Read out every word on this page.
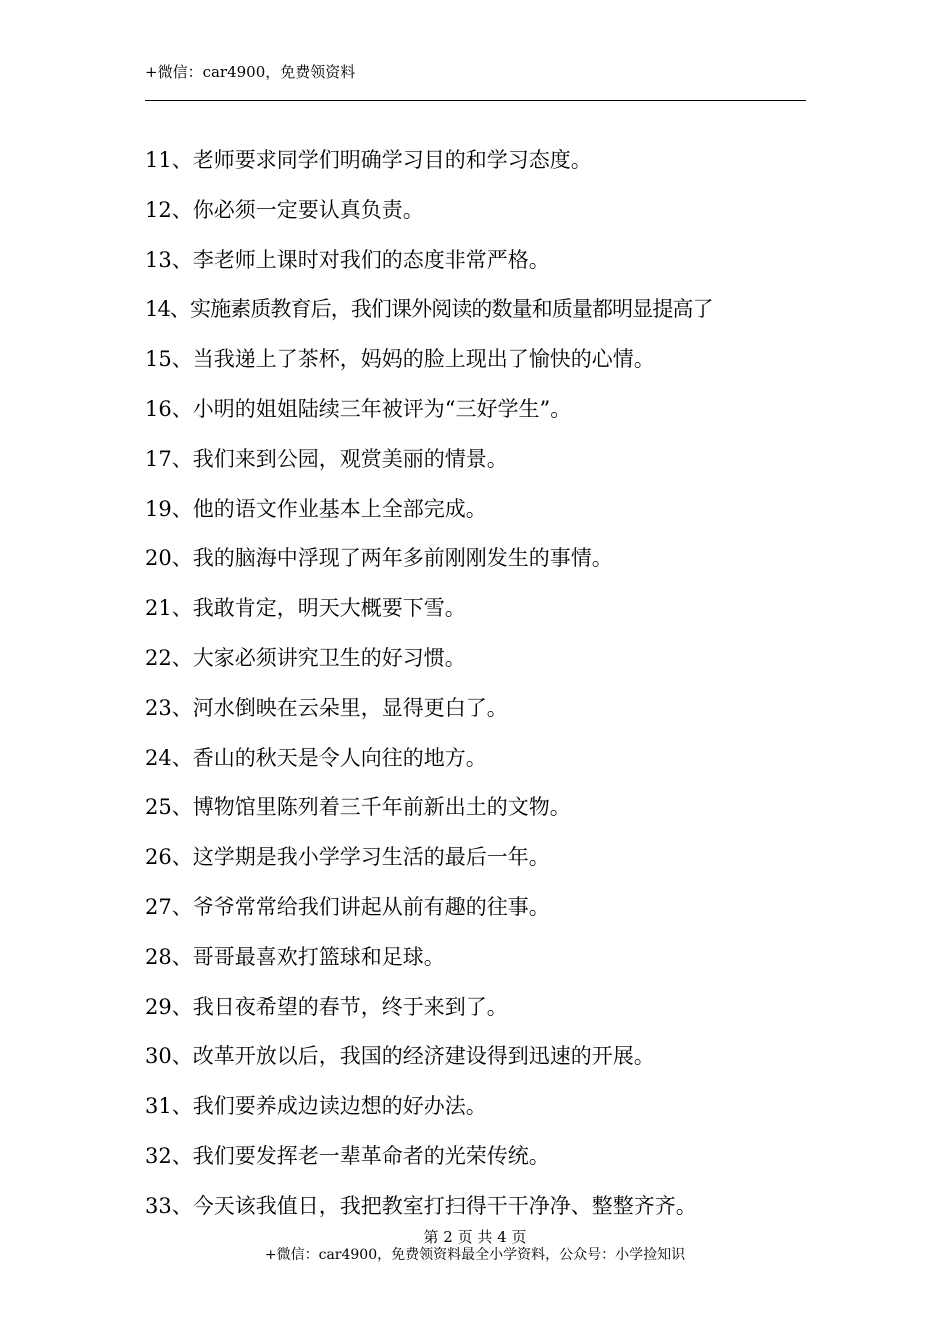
+微信：car4900，免费领资料
11、老师要求同学们明确学习目的和学习态度。
12、你必须一定要认真负责。
13、李老师上课时对我们的态度非常严格。
14、实施素质教育后，我们课外阅读的数量和质量都明显提高了
15、当我递上了茶杯，妈妈的脸上现出了愉快的心情。
16、小明的姐姐陆续三年被评为“三好学生”。
17、我们来到公园，观赏美丽的情景。
19、他的语文作业基本上全部完成。
20、我的脑海中浮现了两年多前刚刚发生的事情。
21、我敢肯定，明天大概要下雪。
22、大家必须讲究卫生的好习惯。
23、河水倒映在云朵里，显得更白了。
24、香山的秋天是令人向往的地方。
25、博物馆里陈列着三千年前新出土的文物。
26、这学期是我小学学习生活的最后一年。
27、爷爷常常给我们讲起从前有趣的往事。
28、哥哥最喜欢打篮球和足球。
29、我日夜希望的春节，终于来到了。
30、改革开放以后，我国的经济建设得到迅速的开展。
31、我们要养成边读边想的好办法。
32、我们要发挥老一辈革命者的光荣传统。
33、今天该我值日，我把教室打扫得干干净净、整整齐齐。
第 2 页 共 4 页
+微信：car4900，免费领资料最全小学资料，公众号：小学捡知识
